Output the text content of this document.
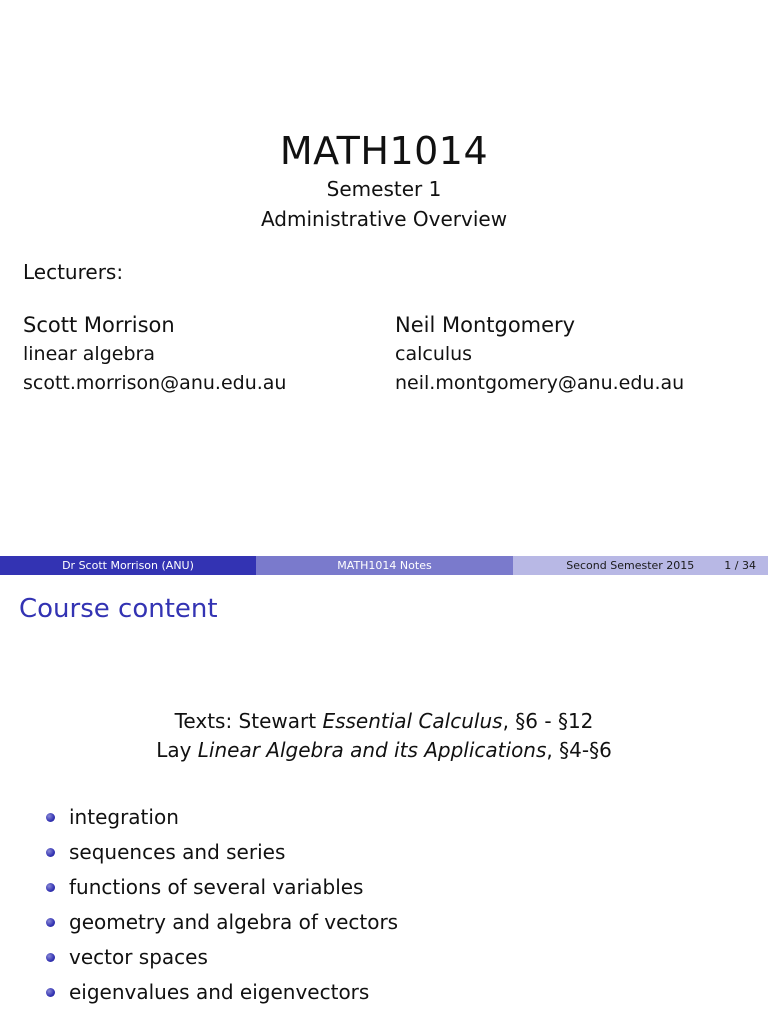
MATH1014
Semester 1
Administrative Overview
Lecturers:
Scott Morrison
linear algebra
scott.morrison@anu.edu.au
Neil Montgomery
calculus
neil.montgomery@anu.edu.au
Dr Scott Morrison (ANU)	MATH1014 Notes	Second Semester 2015	1 / 34
Course content
Texts: Stewart Essential Calculus, §6 - §12
Lay Linear Algebra and its Applications, §4-§6
integration
sequences and series
functions of several variables
geometry and algebra of vectors
vector spaces
eigenvalues and eigenvectors
